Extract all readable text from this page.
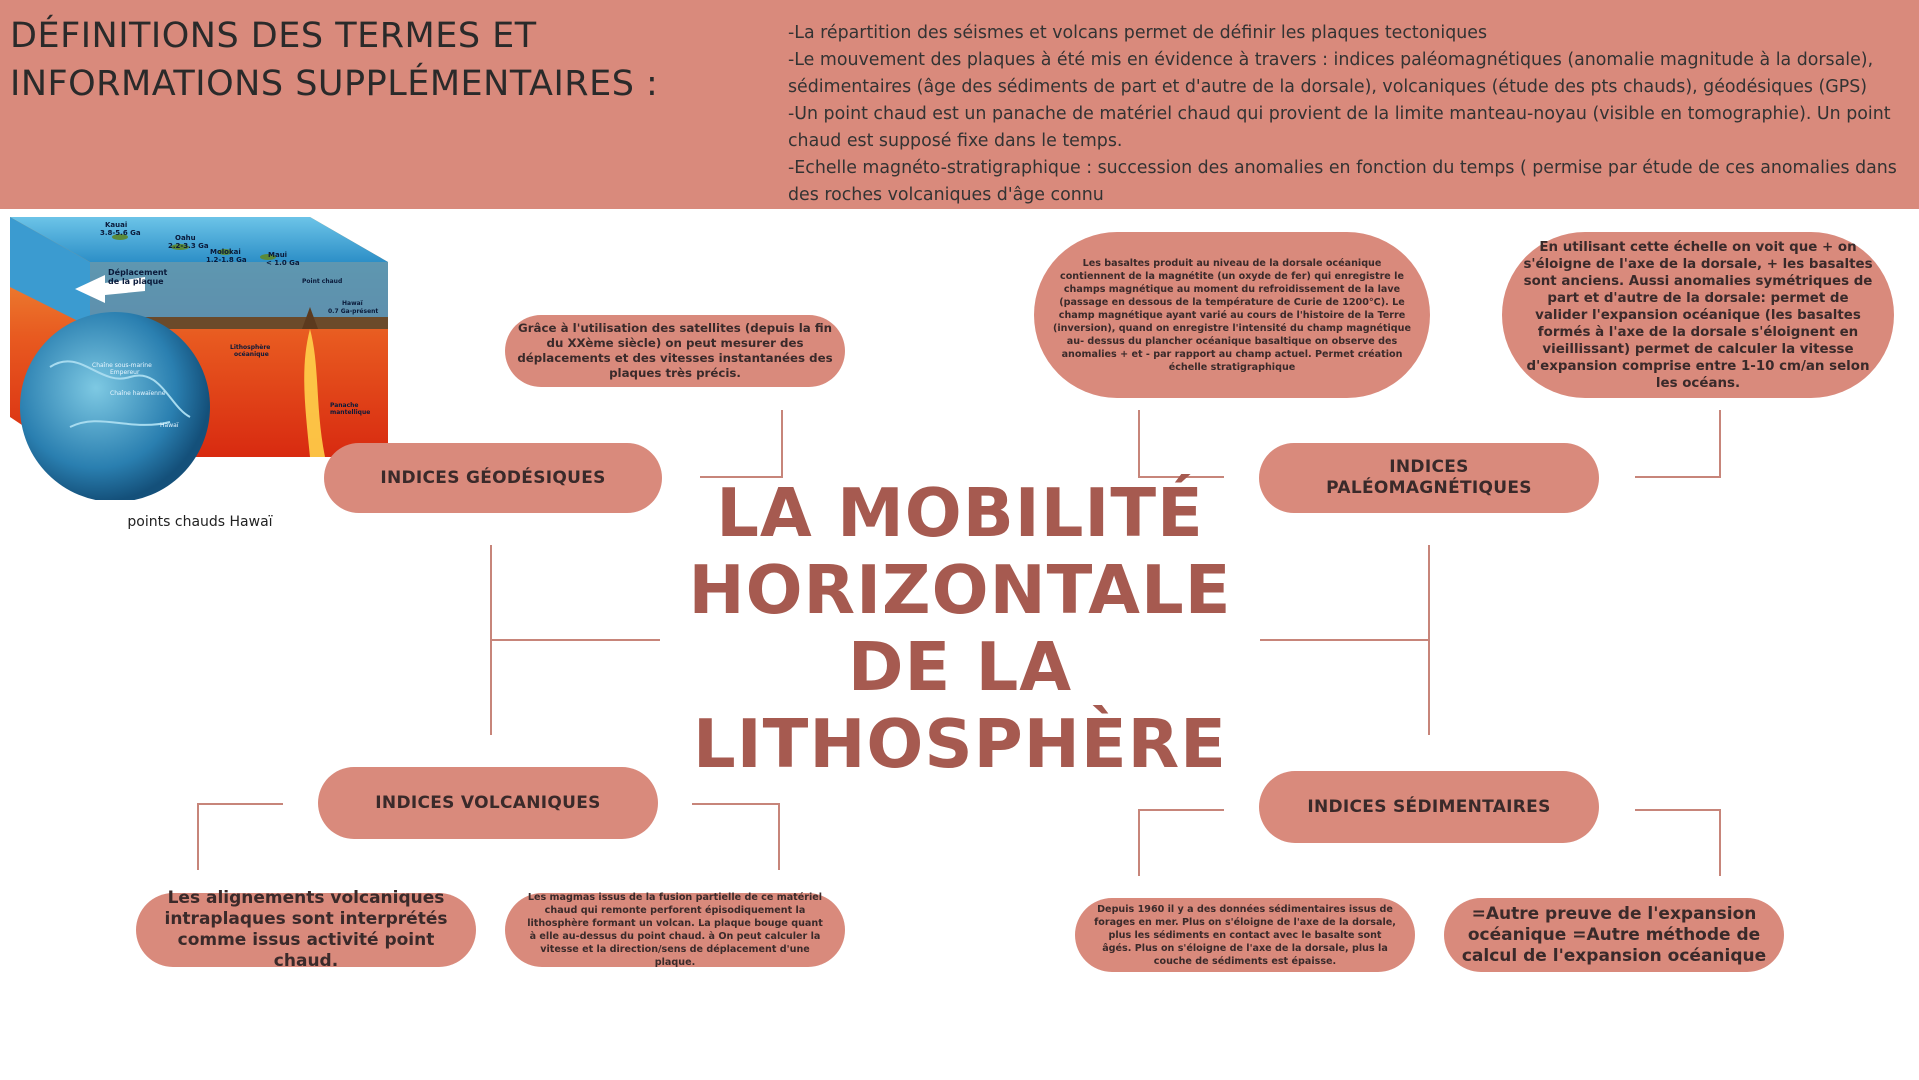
DÉFINITIONS DES TERMES ET INFORMATIONS SUPPLÉMENTAIRES :
-La répartition des séismes et volcans permet de définir les plaques tectoniques
-Le mouvement des plaques à été mis en évidence à travers : indices paléomagnétiques (anomalie magnitude à la dorsale), sédimentaires (âge des sédiments de part et d'autre de la dorsale), volcaniques (étude des pts chauds), géodésiques (GPS)
-Un point chaud est un panache de matériel chaud qui provient de la limite manteau-noyau (visible en tomographie). Un point chaud est supposé fixe dans le temps.
-Echelle magnéto-stratigraphique : succession des anomalies en fonction du temps ( permise par étude de ces anomalies dans des roches volcaniques d'âge connu
Kauai
3.8-5.6 Ga
Oahu
2.2-3.3 Ga
Molokai
1.2-1.8 Ga
Maui
< 1.0 Ga
Déplacement
de la plaque	Point chaud
Hawaï
0.7 Ga-présent
Lithosphère
océanique
Panache
mantellique
Chaîne sous-marine
Empereur
Chaîne hawaïenne
Hawaï
points chauds Hawaï	LA MOBILITÉ
HORIZONTALE
DE LA
LITHOSPHÈRE
INDICES GÉODÉSIQUES
Grâce à l'utilisation des satellites (depuis la fin du XXème siècle) on peut mesurer des déplacements et des vitesses instantanées des plaques très précis.
INDICES PALÉOMAGNÉTIQUES
Les basaltes produit au niveau de la dorsale océanique contiennent de la magnétite (un oxyde de fer) qui enregistre le champs magnétique au moment du refroidissement de la lave (passage en dessous de la température de Curie de 1200°C). Le champ magnétique ayant varié au cours de l'histoire de la Terre (inversion), quand on enregistre l'intensité du champ magnétique au- dessus du plancher océanique basaltique on observe des anomalies + et - par rapport au champ actuel. Permet création échelle stratigraphique
En utilisant cette échelle on voit que + on s'éloigne de l'axe de la dorsale, + les basaltes sont anciens. Aussi anomalies symétriques de part et d'autre de la dorsale: permet de valider l'expansion océanique (les basaltes formés à l'axe de la dorsale s'éloignent en vieillissant) permet de calculer la vitesse d'expansion comprise entre 1-10 cm/an selon les océans.
INDICES VOLCANIQUES
Les alignements volcaniques intraplaques sont interprétés comme issus activité point chaud.
Les magmas issus de la fusion partielle de ce matériel chaud qui remonte perforent épisodiquement la lithosphère formant un volcan. La plaque bouge quant à elle au-dessus du point chaud. à On peut calculer la vitesse et la direction/sens de déplacement d'une plaque.
INDICES SÉDIMENTAIRES
Depuis 1960 il y a des données sédimentaires issus de forages en mer. Plus on s'éloigne de l'axe de la dorsale, plus les sédiments en contact avec le basalte sont âgés. Plus on s'éloigne de l'axe de la dorsale, plus la couche de sédiments est épaisse.
=Autre preuve de l'expansion océanique =Autre méthode de calcul de l'expansion océanique
